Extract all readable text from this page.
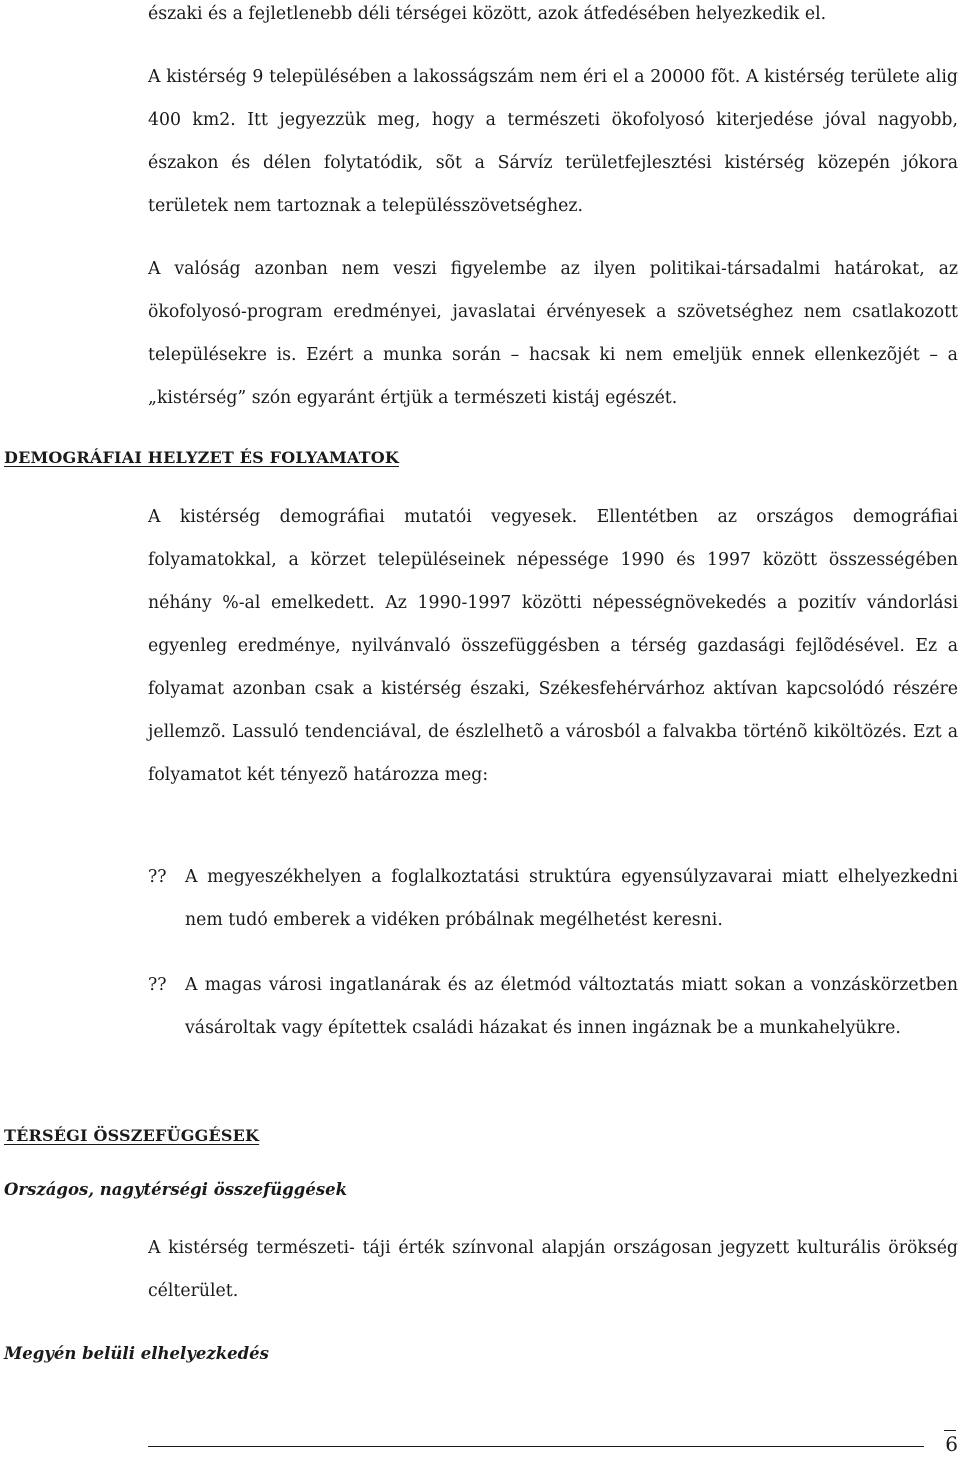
északi és a fejletlenebb déli térségei között, azok átfedésében helyezkedik el.

A kistérség 9 településében a lakosságszám nem éri el a 20000 fõt. A kistérség területe alig 400 km2. Itt jegyezzük meg, hogy a természeti ökofolyosó kiterjedése jóval nagyobb, északon és délen folytatódik, sõt a Sárvíz területfejlesztési kistérség közepén jókora területek nem tartoznak a településszövetséghez.

A valóság azonban nem veszi figyelembe az ilyen politikai-társadalmi határokat, az ökofolyosó-program eredményei, javaslatai érvényesek a szövetséghez nem csatlakozott településekre is. Ezért a munka során – hacsak ki nem emeljük ennek ellenkezõjét – a „kistérség” szón egyaránt értjük a természeti kistáj egészét.

DEMOGRÁFIAI HELYZET ÉS FOLYAMATOK

A kistérség demográfiai mutatói vegyesek. Ellentétben az országos demográfiai folyamatokkal, a körzet településeinek népessége 1990 és 1997 között összességében néhány %-al emelkedett. Az 1990-1997 közötti népességnövekedés a pozitív vándorlási egyenleg eredménye, nyilvánvaló összefüggésben a térség gazdasági fejlõdésével. Ez a folyamat azonban csak a kistérség északi, Székesfehérvárhoz aktívan kapcsolódó részére jellemzõ. Lassuló tendenciával, de észlelhetõ a városból a falvakba történõ kiköltözés. Ezt a folyamatot két tényezõ határozza meg:

?? A megyeszékhelyen a foglalkoztatási struktúra egyensúlyzavarai miatt elhelyezkedni nem tudó emberek a vidéken próbálnak megélhetést keresni.
?? A magas városi ingatlanárak és az életmód változtatás miatt sokan a vonzáskörzetben vásároltak vagy építettek családi házakat és innen ingáznak be a munkahelyükre.
TÉRSÉGI ÖSSZEFÜGGÉSEK
Országos, nagytérségi összefüggések

A kistérség természeti- táji érték színvonal alapján országosan jegyzett kulturális örökség célterület.

Megyén belüli elhelyezkedés
6
